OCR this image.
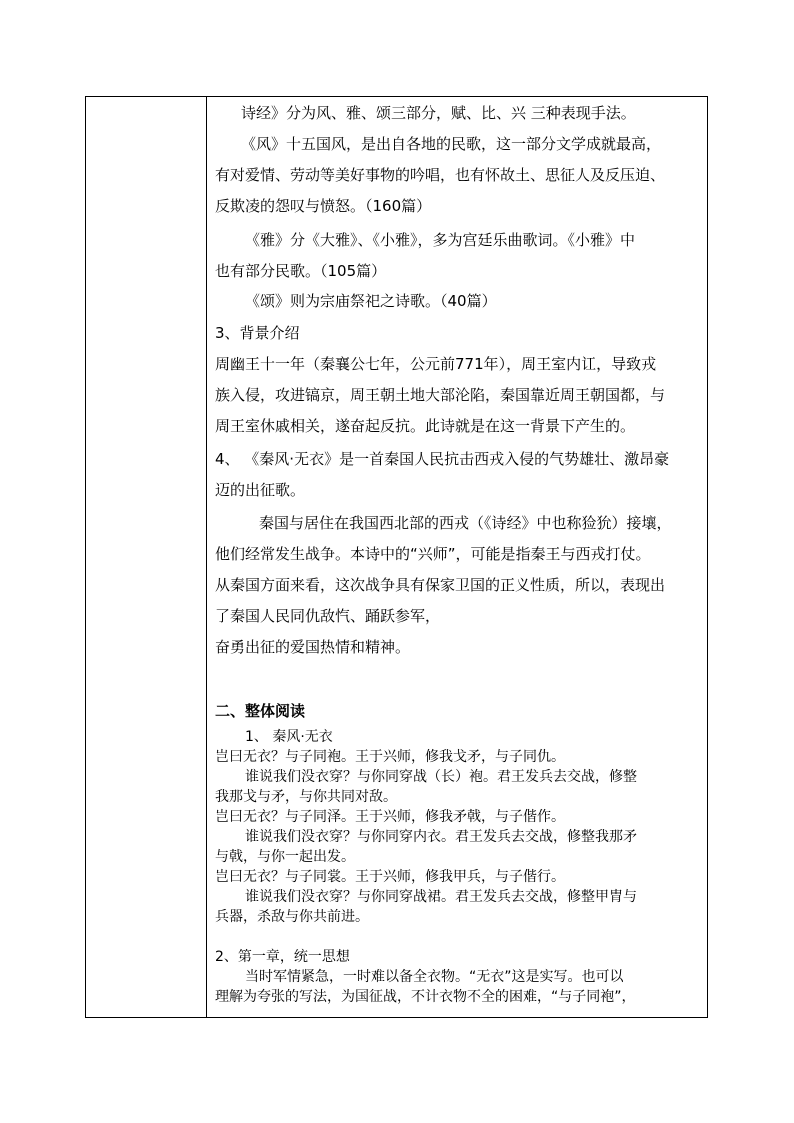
诗经》分为风、雅、颂三部分，赋、比、兴 三种表现手法。
《风》十五国风，是出自各地的民歌，这一部分文学成就最高，
有对爱情、劳动等美好事物的吟唱，也有怀故土、思征人及反压迫、
反欺凌的怨叹与愤怒。（160篇）
《雅》分《大雅》、《小雅》，多为宫廷乐曲歌词。《小雅》中
也有部分民歌。（105篇）
《颂》则为宗庙祭祀之诗歌。（40篇）
3、背景介绍
周幽王十一年（秦襄公七年，公元前771年），周王室内讧，导致戎
族入侵，攻进镐京，周王朝土地大部沦陷，秦国靠近周王朝国都，与
周王室休戚相关，遂奋起反抗。此诗就是在这一背景下产生的。
4、 《秦风·无衣》是一首秦国人民抗击西戎入侵的气势雄壮、激昂豪
迈的出征歌。
秦国与居住在我国西北部的西戎（《诗经》中也称猃狁）接壤，
他们经常发生战争。本诗中的“兴师”，可能是指秦王与西戎打仗。
从秦国方面来看，这次战争具有保家卫国的正义性质，所以，表现出
了秦国人民同仇敌忾、踊跃参军，
奋勇出征的爱国热情和精神。
二、整体阅读
1、 秦风·无衣
岂曰无衣？与子同袍。王于兴师，修我戈矛，与子同仇。
谁说我们没衣穿？与你同穿战（长）袍。君王发兵去交战，修整
我那戈与矛，与你共同对敌。
岂曰无衣？与子同泽。王于兴师，修我矛戟，与子偕作。
谁说我们没衣穿？与你同穿内衣。君王发兵去交战，修整我那矛
与戟，与你一起出发。
岂曰无衣？与子同裳。王于兴师，修我甲兵，与子偕行。
谁说我们没衣穿？与你同穿战裙。君王发兵去交战，修整甲胄与
兵器，杀敌与你共前进。
2、第一章，统一思想
当时军情紧急，一时难以备全衣物。“无衣”这是实写。也可以
理解为夸张的写法，为国征战，不计衣物不全的困难，“与子同袍”，
